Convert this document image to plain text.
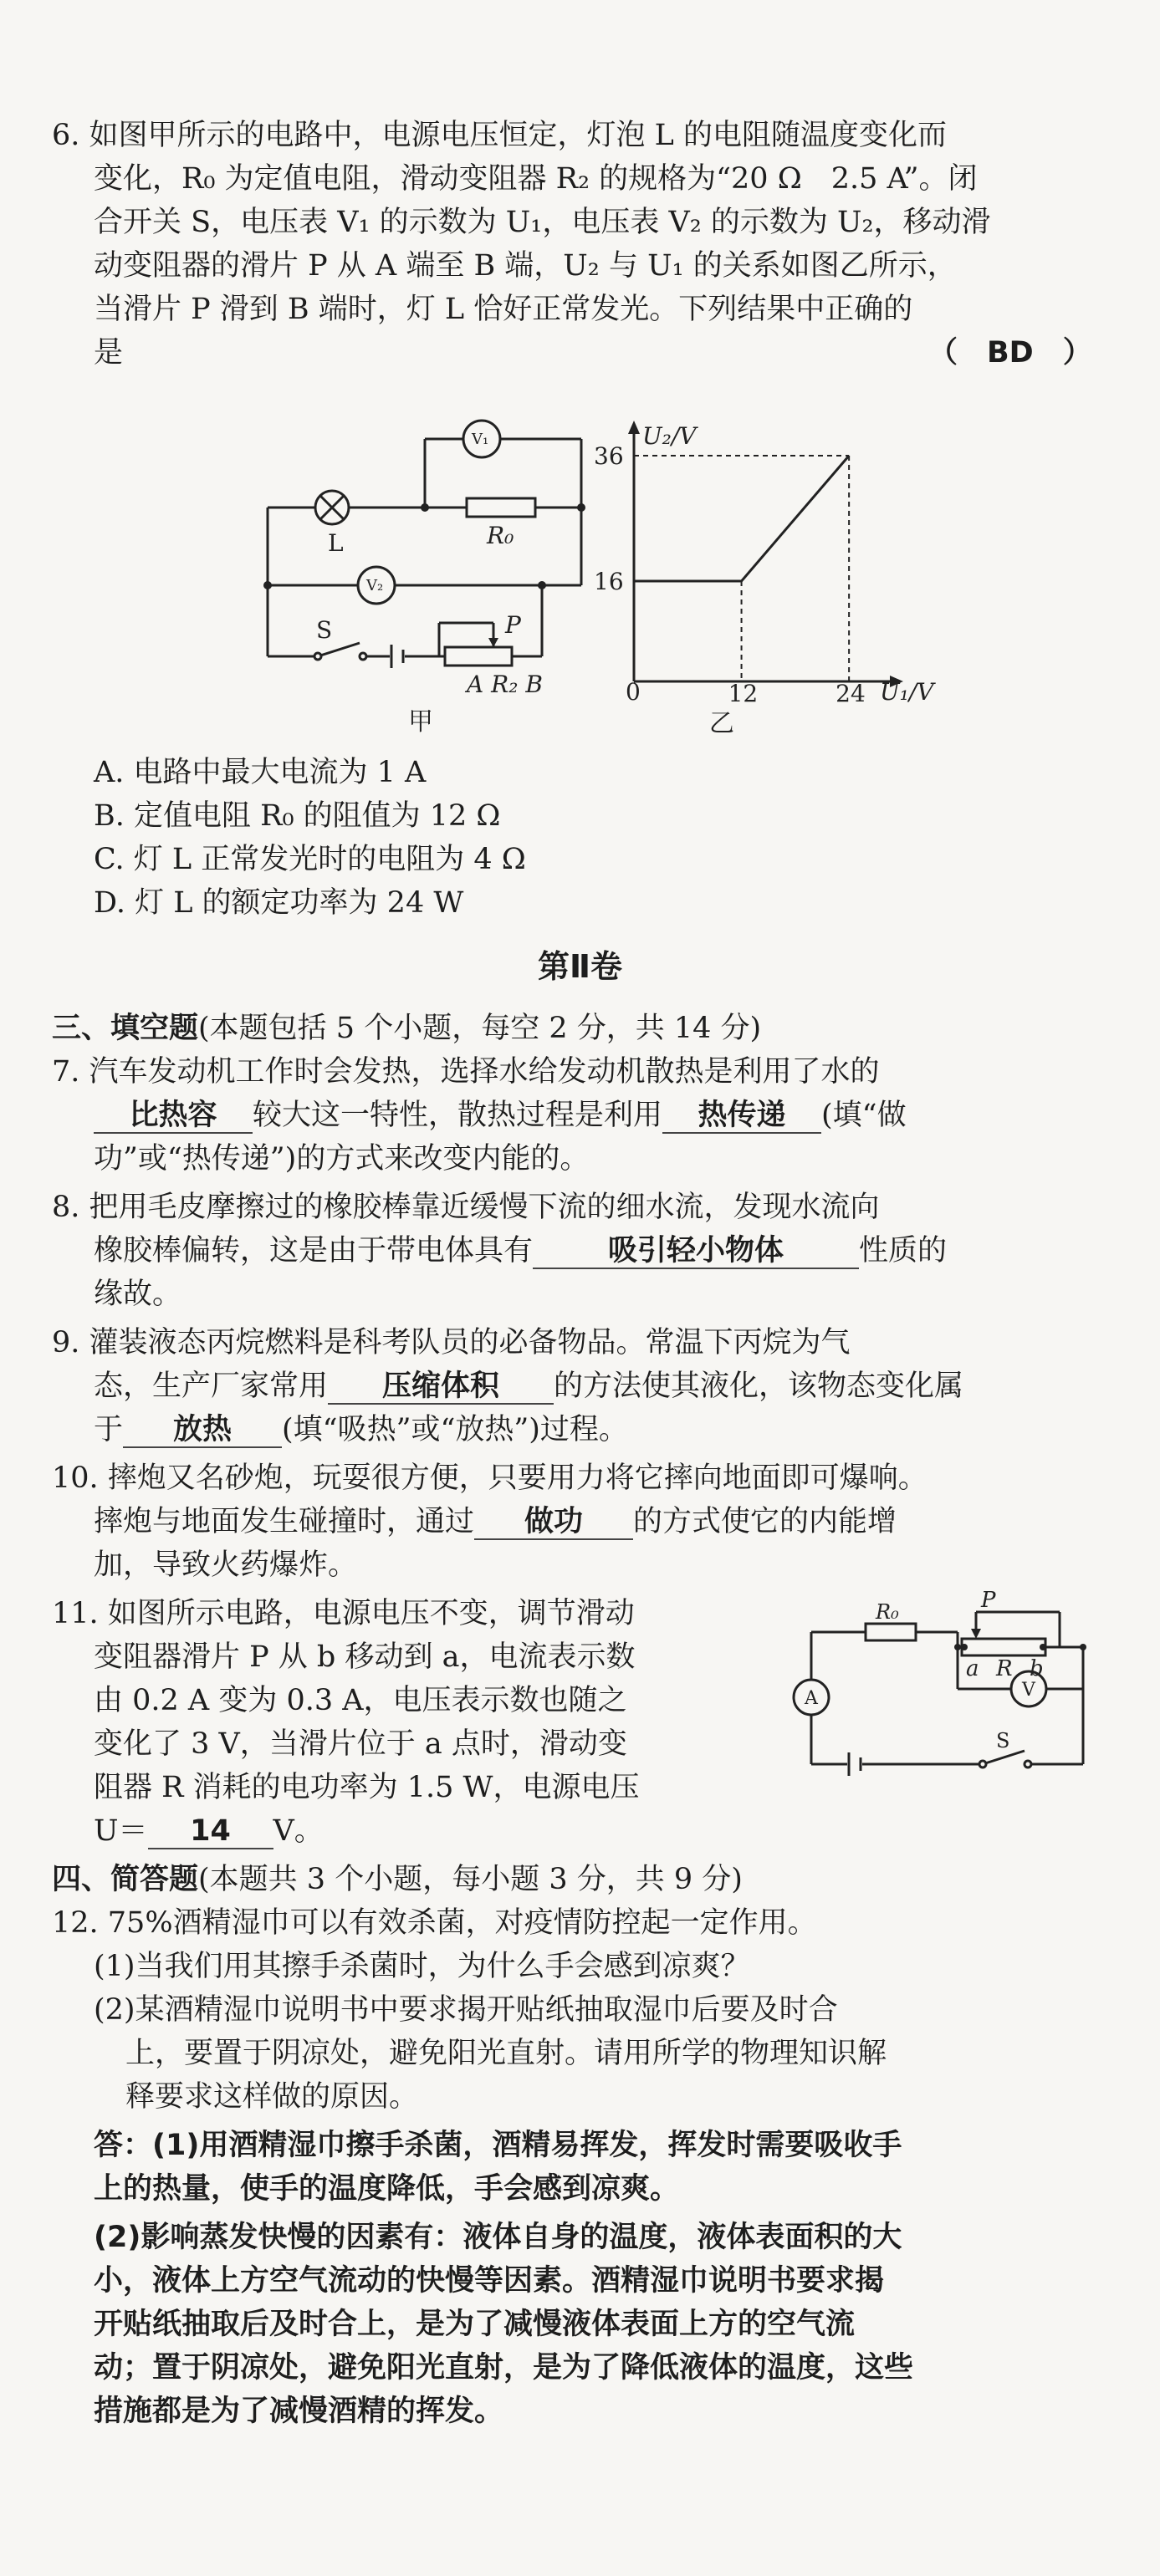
6. 如图甲所示的电路中，电源电压恒定，灯泡 L 的电阻随温度变化而
变化，R₀ 为定值电阻，滑动变阻器 R₂ 的规格为“20 Ω　2.5 A”。闭
合开关 S，电压表 V₁ 的示数为 U₁，电压表 V₂ 的示数为 U₂，移动滑
动变阻器的滑片 P 从 A 端至 B 端，U₂ 与 U₁ 的关系如图乙所示，
当滑片 P 滑到 B 端时，灯 L 恰好正常发光。下列结果中正确的
是	（　BD　）
L
V₁
V₂
R₀
S	P
A R₂ B
甲
12	24
16
36
U₂/V
U₁/V
0
乙
A. 电路中最大电流为 1 A
B. 定值电阻 R₀ 的阻值为 12 Ω
C. 灯 L 正常发光时的电阻为 4 Ω
D. 灯 L 的额定功率为 24 W
第Ⅱ卷
三、填空题(本题包括 5 个小题，每空 2 分，共 14 分)
7. 汽车发动机工作时会发热，选择水给发动机散热是利用了水的
比热容 较大这一特性，散热过程是利用 热传递 (填“做
功”或“热传递”)的方式来改变内能的。
8. 把用毛皮摩擦过的橡胶棒靠近缓慢下流的细水流，发现水流向
橡胶棒偏转，这是由于带电体具有	吸引轻小物体	性质的
缘故。
9. 灌装液态丙烷燃料是科考队员的必备物品。常温下丙烷为气
态，生产厂家常用 压缩体积 的方法使其液化，该物态变化属
于 放热 (填“吸热”或“放热”)过程。
10. 摔炮又名砂炮，玩耍很方便，只要用力将它摔向地面即可爆响。
摔炮与地面发生碰撞时，通过 做功 的方式使它的内能增
加，导致火药爆炸。
11. 如图所示电路，电源电压不变，调节滑动
变阻器滑片 P 从 b 移动到 a，电流表示数
由 0.2 A 变为 0.3 A，电压表示数也随之
变化了 3 V，当滑片位于 a 点时，滑动变
阻器 R 消耗的电功率为 1.5 W，电源电压
U＝ 14 V。
R₀	P
a R b
A	V
S
四、简答题(本题共 3 个小题，每小题 3 分，共 9 分)
12. 75%酒精湿巾可以有效杀菌，对疫情防控起一定作用。
(1)当我们用其擦手杀菌时，为什么手会感到凉爽？
(2)某酒精湿巾说明书中要求揭开贴纸抽取湿巾后要及时合
上，要置于阴凉处，避免阳光直射。请用所学的物理知识解
释要求这样做的原因。
答：(1)用酒精湿巾擦手杀菌，酒精易挥发，挥发时需要吸收手
上的热量，使手的温度降低，手会感到凉爽。
(2)影响蒸发快慢的因素有：液体自身的温度，液体表面积的大
小，液体上方空气流动的快慢等因素。酒精湿巾说明书要求揭
开贴纸抽取后及时合上，是为了减慢液体表面上方的空气流
动；置于阴凉处，避免阳光直射，是为了降低液体的温度，这些
措施都是为了减慢酒精的挥发。
